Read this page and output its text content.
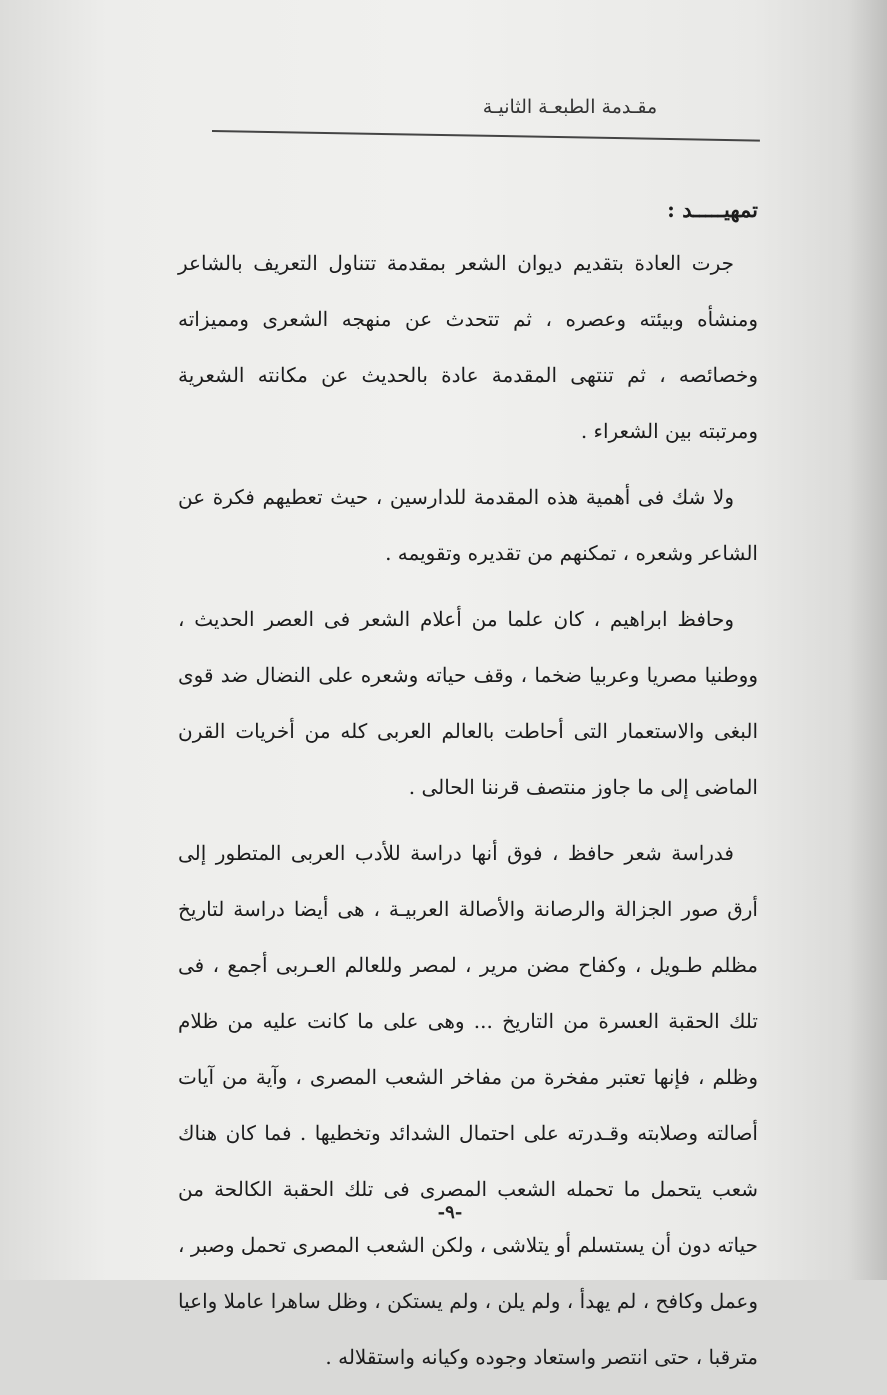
مقـدمة الطبعـة الثانيـة

تمهيـــــد :

جرت العادة بتقديم ديوان الشعر بمقدمة تتناول التعريف بالشاعر ومنشأه وبيئته وعصره ، ثم تتحدث عن منهجه الشعرى ومميزاته وخصائصه ، ثم تنتهى المقدمة عادة بالحديث عن مكانته الشعرية ومرتبته بين الشعراء .

ولا شك فى أهمية هذه المقدمة للدارسين ، حيث تعطيهم فكرة عن الشاعر وشعره ، تمكنهم من تقديره وتقويمه .

وحافظ ابراهيم ، كان علما من أعلام الشعر فى العصر الحديث ، ووطنيا مصريا وعربيا ضخما ، وقف حياته وشعره على النضال ضد قوى البغى والاستعمار التى أحاطت بالعالم العربى كله من أخريات القرن الماضى إلى ما جاوز منتصف قرننا الحالى .

فدراسة شعر حافظ ، فوق أنها دراسة للأدب العربى المتطور إلى أرق صور الجزالة والرصانة والأصالة العربيـة ، هى أيضا دراسة لتاريخ مظلم طـويل ، وكفاح مضن مرير ، لمصر وللعالم العـربى أجمع ، فى تلك الحقبة العسرة من التاريخ ... وهى على ما كانت عليه من ظلام وظلم ، فإنها تعتبر مفخرة من مفاخر الشعب المصرى ، وآية من آيات أصالته وصلابته وقـدرته على احتمال الشدائد وتخطيها . فما كان هناك شعب يتحمل ما تحمله الشعب المصرى فى تلك الحقبة الكالحة من حياته دون أن يستسلم أو يتلاشى ، ولكن الشعب المصرى تحمل وصبر ، وعمل وكافح ، لم يهدأ ، ولم يلن ، ولم يستكن ، وظل ساهرا عاملا واعيا مترقبا ، حتى انتصر واستعاد وجوده وكيانه واستقلاله .

-٩-
